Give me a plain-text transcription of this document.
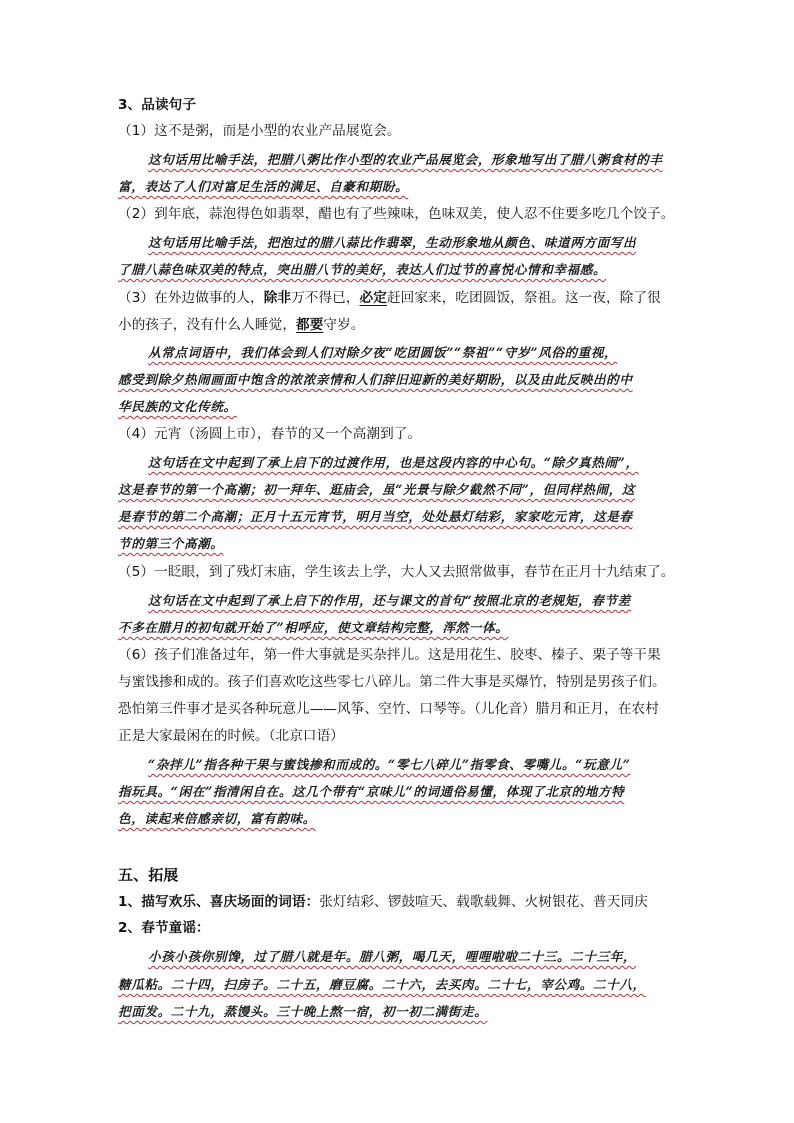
3、品读句子
（1）这不是粥，而是小型的农业产品展览会。
这句话用比喻手法，把腊八粥比作小型的农业产品展览会，形象地写出了腊八粥食材的丰
富，表达了人们对富足生活的满足、自豪和期盼。
（2）到年底，蒜泡得色如翡翠，醋也有了些辣味，色味双美，使人忍不住要多吃几个饺子。
这句话用比喻手法，把泡过的腊八蒜比作翡翠，生动形象地从颜色、味道两方面写出
了腊八蒜色味双美的特点，突出腊八节的美好，表达人们过节的喜悦心情和幸福感。
（3）在外边做事的人，除非万不得已，必定赶回家来，吃团圆饭，祭祖。这一夜，除了很
小的孩子，没有什么人睡觉，都要守岁。
从常点词语中，我们体会到人们对除夕夜“吃团圆饭”“祭祖”“守岁”风俗的重视，
感受到除夕热闹画面中饱含的浓浓亲情和人们辞旧迎新的美好期盼，以及由此反映出的中
华民族的文化传统。
（4）元宵（汤圆上市），春节的又一个高潮到了。
这句话在文中起到了承上启下的过渡作用，也是这段内容的中心句。“除夕真热闹”，
这是春节的第一个高潮；初一拜年、逛庙会，虽“光景与除夕截然不同”，但同样热闹，这
是春节的第二个高潮；正月十五元宵节，明月当空，处处悬灯结彩，家家吃元宵，这是春
节的第三个高潮。
（5）一眨眼，到了残灯末庙，学生该去上学，大人又去照常做事，春节在正月十九结束了。
这句话在文中起到了承上启下的作用，还与课文的首句“按照北京的老规矩，春节差
不多在腊月的初旬就开始了”相呼应，使文章结构完整，浑然一体。
（6）孩子们准备过年，第一件大事就是买杂拌儿。这是用花生、胶枣、榛子、栗子等干果
与蜜饯掺和成的。孩子们喜欢吃这些零七八碎儿。第二件大事是买爆竹，特别是男孩子们。
恐怕第三件事才是买各种玩意儿——风筝、空竹、口琴等。（儿化音）腊月和正月，在农村
正是大家最闲在的时候。（北京口语）
“杂拌儿”指各种干果与蜜饯掺和而成的。“零七八碎儿”指零食、零嘴儿。“玩意儿”
指玩具。“闲在”指清闲自在。这几个带有“京味儿”的词通俗易懂，体现了北京的地方特
色，读起来倍感亲切，富有韵味。
五、拓展
1、描写欢乐、喜庆场面的词语：张灯结彩、锣鼓喧天、载歌载舞、火树银花、普天同庆
2、春节童谣：
小孩小孩你别馋，过了腊八就是年。腊八粥，喝几天，哩哩啦啦二十三。二十三年，
糖瓜粘。二十四，扫房子。二十五，磨豆腐。二十六，去买肉。二十七，宰公鸡。二十八，
把面发。二十九，蒸馒头。三十晚上熬一宿，初一初二满街走。
